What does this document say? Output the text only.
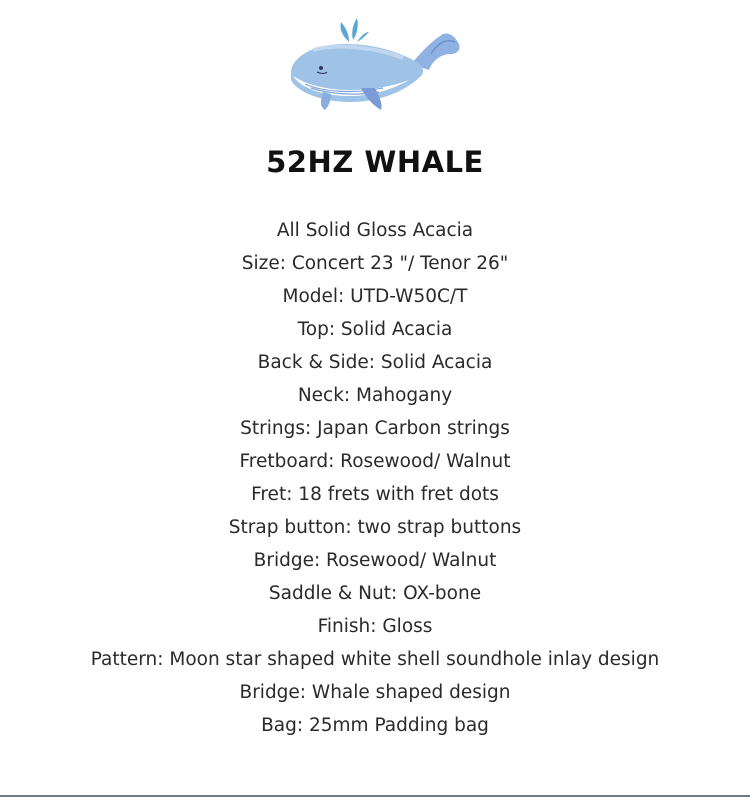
52HZ WHALE
All Solid Gloss Acacia
Size: Concert 23 "/ Tenor 26"
Model: UTD-W50C/T
Top: Solid Acacia
Back & Side: Solid Acacia
Neck: Mahogany
Strings: Japan Carbon strings
Fretboard: Rosewood/ Walnut
Fret: 18 frets with fret dots
Strap button: two strap buttons
Bridge: Rosewood/ Walnut
Saddle & Nut: OX-bone
Finish: Gloss
Pattern: Moon star shaped white shell soundhole inlay design
Bridge: Whale shaped design
Bag: 25mm Padding bag
